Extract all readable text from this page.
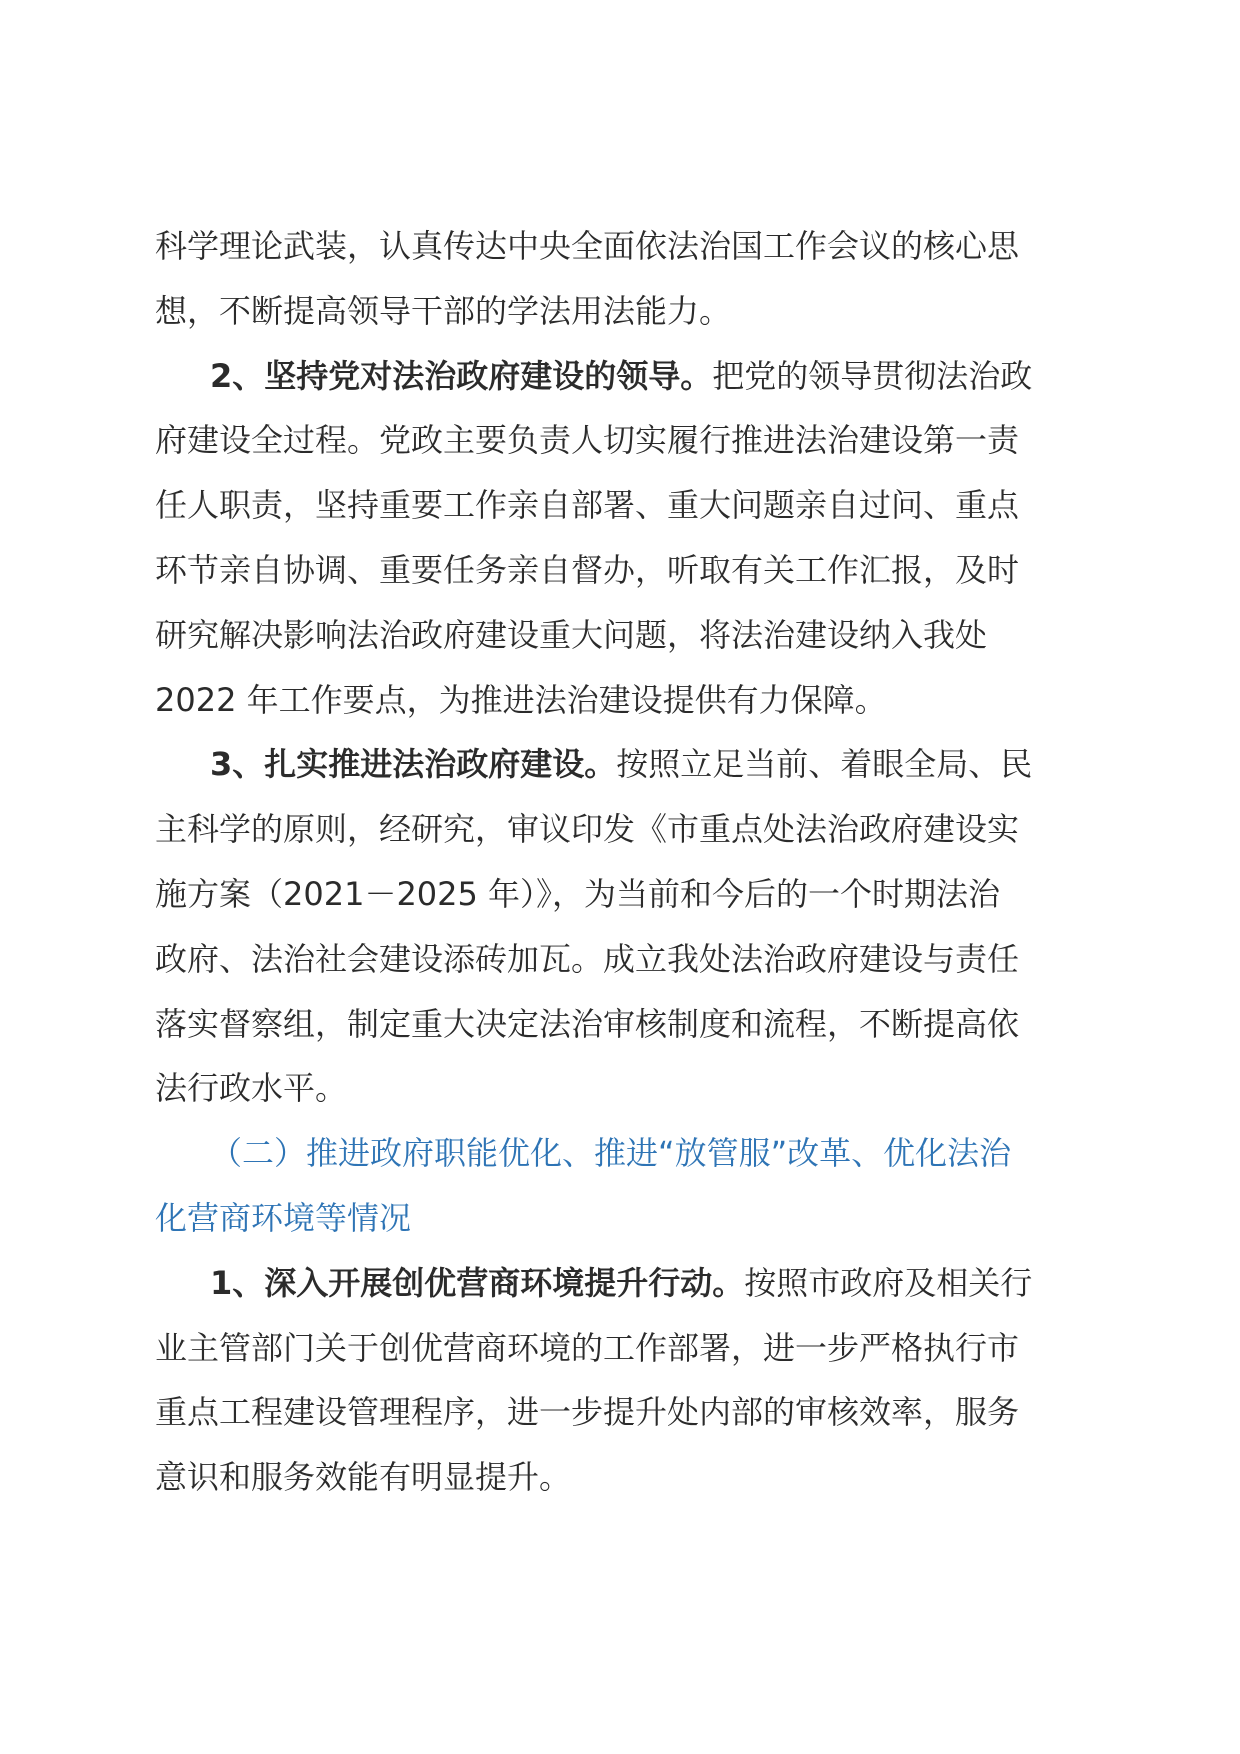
科学理论武装，认真传达中央全面依法治国工作会议的核心思
想，不断提高领导干部的学法用法能力。

2、坚持党对法治政府建设的领导。把党的领导贯彻法治政
府建设全过程。党政主要负责人切实履行推进法治建设第一责
任人职责，坚持重要工作亲自部署、重大问题亲自过问、重点
环节亲自协调、重要任务亲自督办，听取有关工作汇报，及时
研究解决影响法治政府建设重大问题，将法治建设纳入我处
2022 年工作要点，为推进法治建设提供有力保障。

3、扎实推进法治政府建设。按照立足当前、着眼全局、民
主科学的原则，经研究，审议印发《市重点处法治政府建设实
施方案（2021－2025 年）》，为当前和今后的一个时期法治
政府、法治社会建设添砖加瓦。成立我处法治政府建设与责任
落实督察组，制定重大决定法治审核制度和流程，不断提高依
法行政水平。

（二）推进政府职能优化、推进“放管服”改革、优化法治
化营商环境等情况

1、深入开展创优营商环境提升行动。按照市政府及相关行
业主管部门关于创优营商环境的工作部署，进一步严格执行市
重点工程建设管理程序，进一步提升处内部的审核效率，服务
意识和服务效能有明显提升。
